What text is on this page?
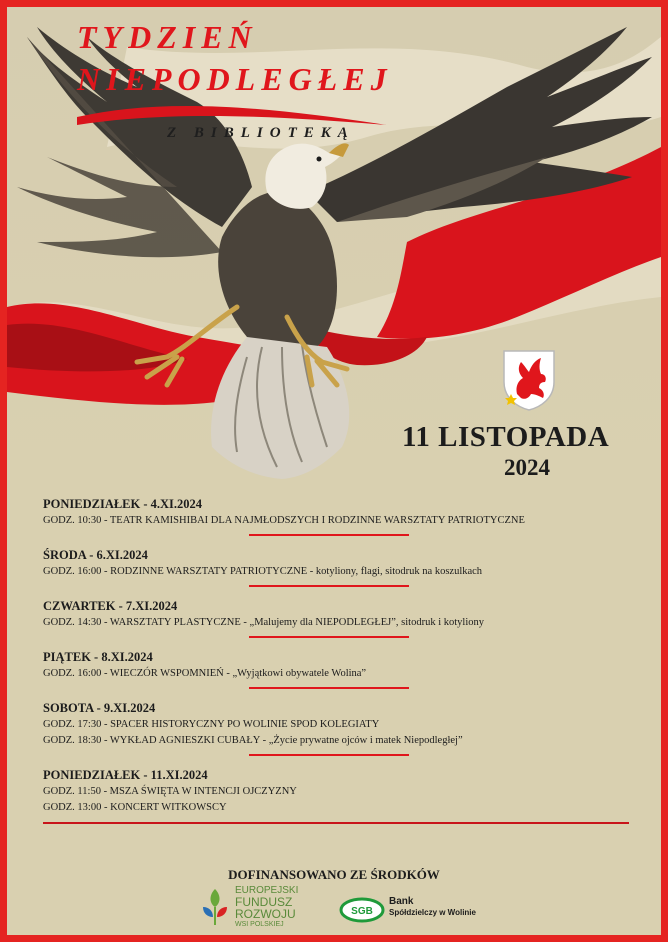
TYDZIEŃ
NIEPODLEGŁEJ
Z BIBLIOTEKĄ
11 LISTOPADA
2024

PONIEDZIAŁEK - 4.XI.2024

GODZ. 10:30 - TEATR KAMISHIBAI DLA NAJMŁODSZYCH I RODZINNE WARSZTATY PATRIOTYCZNE

ŚRODA - 6.XI.2024

GODZ. 16:00 - RODZINNE WARSZTATY PATRIOTYCZNE - kotyliony, flagi, sitodruk na koszulkach

CZWARTEK - 7.XI.2024

GODZ. 14:30 - WARSZTATY PLASTYCZNE - „Malujemy dla NIEPODLEGŁEJ”, sitodruk i kotyliony

PIĄTEK - 8.XI.2024

GODZ. 16:00 - WIECZÓR WSPOMNIEŃ - „Wyjątkowi obywatele Wolina”

SOBOTA - 9.XI.2024

GODZ. 17:30 - SPACER HISTORYCZNY PO WOLINIE SPOD KOLEGIATY

GODZ. 18:30 - WYKŁAD AGNIESZKI CUBAŁY - „Życie prywatne ojców i matek Niepodległej”

PONIEDZIAŁEK - 11.XI.2024

GODZ. 11:50 - MSZA ŚWIĘTA W INTENCJI OJCZYZNY

GODZ. 13:00 - KONCERT WITKOWSCY

DOFINANSOWANO ZE ŚRODKÓW
EUROPEJSKI
FUNDUSZ
ROZWOJU
WSI POLSKIEJ
SGB
Bank
Spółdzielczy w Wolinie
